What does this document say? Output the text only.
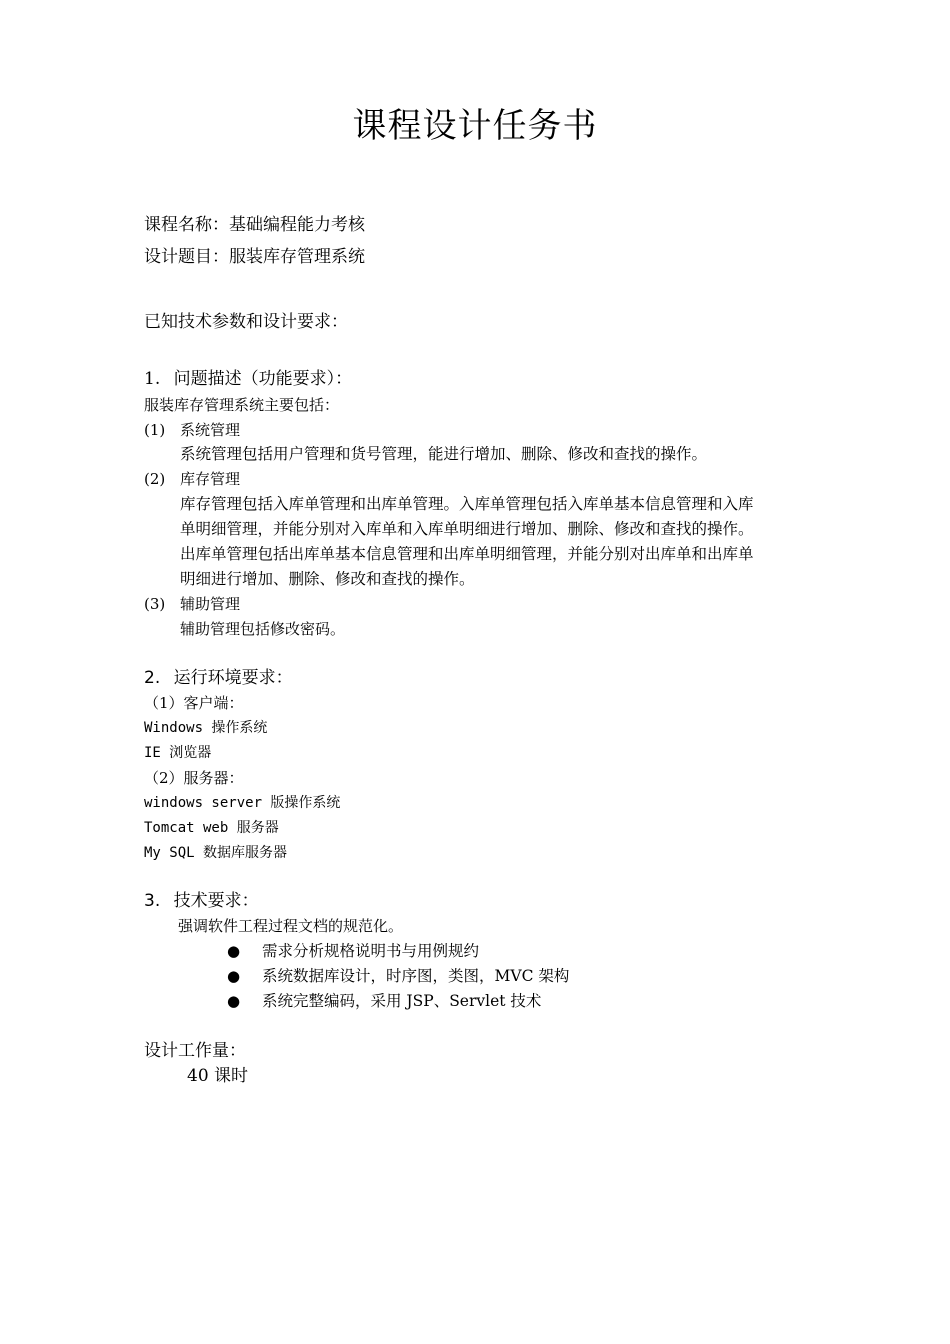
课程设计任务书
课程名称：基础编程能力考核
设计题目：服装库存管理系统
已知技术参数和设计要求：
1. 问题描述（功能要求）：
服装库存管理系统主要包括：
(1) 系统管理
系统管理包括用户管理和货号管理，能进行增加、删除、修改和查找的操作。
(2) 库存管理
库存管理包括入库单管理和出库单管理。入库单管理包括入库单基本信息管理和入库
单明细管理，并能分别对入库单和入库单明细进行增加、删除、修改和查找的操作。
出库单管理包括出库单基本信息管理和出库单明细管理，并能分别对出库单和出库单
明细进行增加、删除、修改和查找的操作。
(3) 辅助管理
辅助管理包括修改密码。
2. 运行环境要求：
（1）客户端：
Windows 操作系统
IE 浏览器
（2）服务器：
windows server 版操作系统
Tomcat web 服务器
My SQL 数据库服务器
3. 技术要求：
强调软件工程过程文档的规范化。
● 需求分析规格说明书与用例规约
● 系统数据库设计，时序图，类图，MVC 架构
● 系统完整编码，采用 JSP、Servlet 技术
设计工作量：
40 课时
